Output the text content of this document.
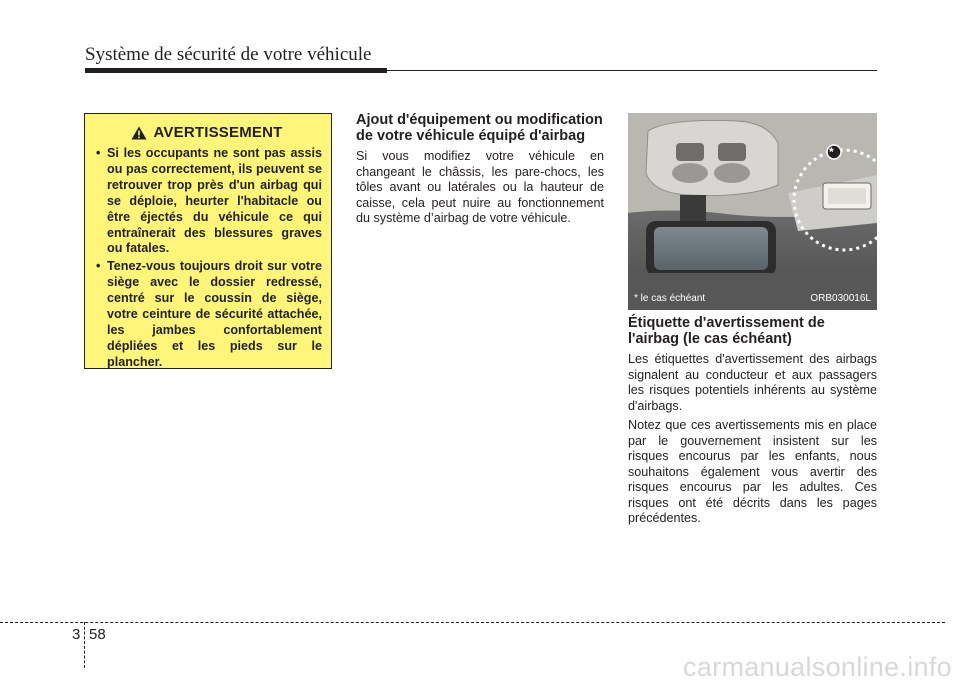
Système de sécurité de votre véhicule
AVERTISSEMENT
• Si les occupants ne sont pas assis ou pas correctement, ils peuvent se retrouver trop près d'un airbag qui se déploie, heurter l'habitacle ou être éjectés du véhicule ce qui entraînerait des blessures graves ou fatales.
• Tenez-vous toujours droit sur votre siège avec le dossier redressé, centré sur le coussin de siège, votre ceinture de sécurité attachée, les jambes confortablement dépliées et les pieds sur le plancher.
Ajout d'équipement ou modification de votre véhicule équipé d'airbag

Si vous modifiez votre véhicule en changeant le châssis, les pare-chocs, les tôles avant ou latérales ou la hauteur de caisse, cela peut nuire au fonctionnement du système d’airbag de votre véhicule.

*
* le cas échéant	ORB030016L
Étiquette d'avertissement de l'airbag (le cas échéant)

Les étiquettes d'avertissement des airbags signalent au conducteur et aux passagers les risques potentiels inhérents au système d'airbags.

Notez que ces avertissements mis en place par le gouvernement insistent sur les risques encourus par les enfants, nous souhaitons également vous avertir des risques encourus par les adultes. Ces risques ont été décrits dans les pages précédentes.

3 58
carmanualsonline.info
